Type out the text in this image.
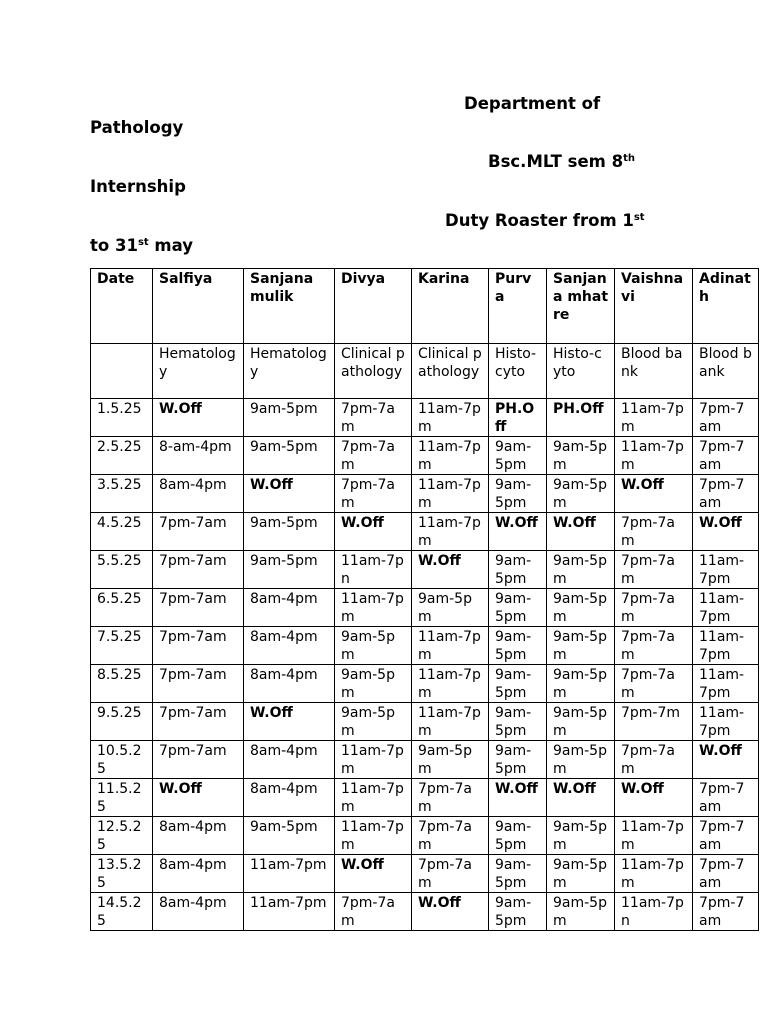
Department of
Pathology
Bsc.MLT sem 8th
Internship
Duty Roaster from 1st
to 31st may
Date	Salfiya	Sanjana mulik	Divya	Karina	Purva	Sanjana mhatre	Vaishnavi	Adinath
	Hematology	Hematology	Clinical pathology	Clinical pathology	Histo-cyto	Histo-cyto	Blood bank	Blood bank
1.5.25	W.Off	9am-5pm	7pm-7am	11am-7pm	PH.Off	PH.Off	11am-7pm	7pm-7am
2.5.25	8-am-4pm	9am-5pm	7pm-7am	11am-7pm	9am-5pm	9am-5pm	11am-7pm	7pm-7am
3.5.25	8am-4pm	W.Off	7pm-7am	11am-7pm	9am-5pm	9am-5pm	W.Off	7pm-7am
4.5.25	7pm-7am	9am-5pm	W.Off	11am-7pm	W.Off	W.Off	7pm-7am	W.Off
5.5.25	7pm-7am	9am-5pm	11am-7pn	W.Off	9am-5pm	9am-5pm	7pm-7am	11am-7pm
6.5.25	7pm-7am	8am-4pm	11am-7pm	9am-5pm	9am-5pm	9am-5pm	7pm-7am	11am-7pm
7.5.25	7pm-7am	8am-4pm	9am-5pm	11am-7pm	9am-5pm	9am-5pm	7pm-7am	11am-7pm
8.5.25	7pm-7am	8am-4pm	9am-5pm	11am-7pm	9am-5pm	9am-5pm	7pm-7am	11am-7pm
9.5.25	7pm-7am	W.Off	9am-5pm	11am-7pm	9am-5pm	9am-5pm	7pm-7m	11am-7pm
10.5.25	7pm-7am	8am-4pm	11am-7pm	9am-5pm	9am-5pm	9am-5pm	7pm-7am	W.Off
11.5.25	W.Off	8am-4pm	11am-7pm	7pm-7am	W.Off	W.Off	W.Off	7pm-7am
12.5.25	8am-4pm	9am-5pm	11am-7pm	7pm-7am	9am-5pm	9am-5pm	11am-7pm	7pm-7am
13.5.25	8am-4pm	11am-7pm	W.Off	7pm-7am	9am-5pm	9am-5pm	11am-7pm	7pm-7am
14.5.25	8am-4pm	11am-7pm	7pm-7am	W.Off	9am-5pm	9am-5pm	11am-7pn	7pm-7am
